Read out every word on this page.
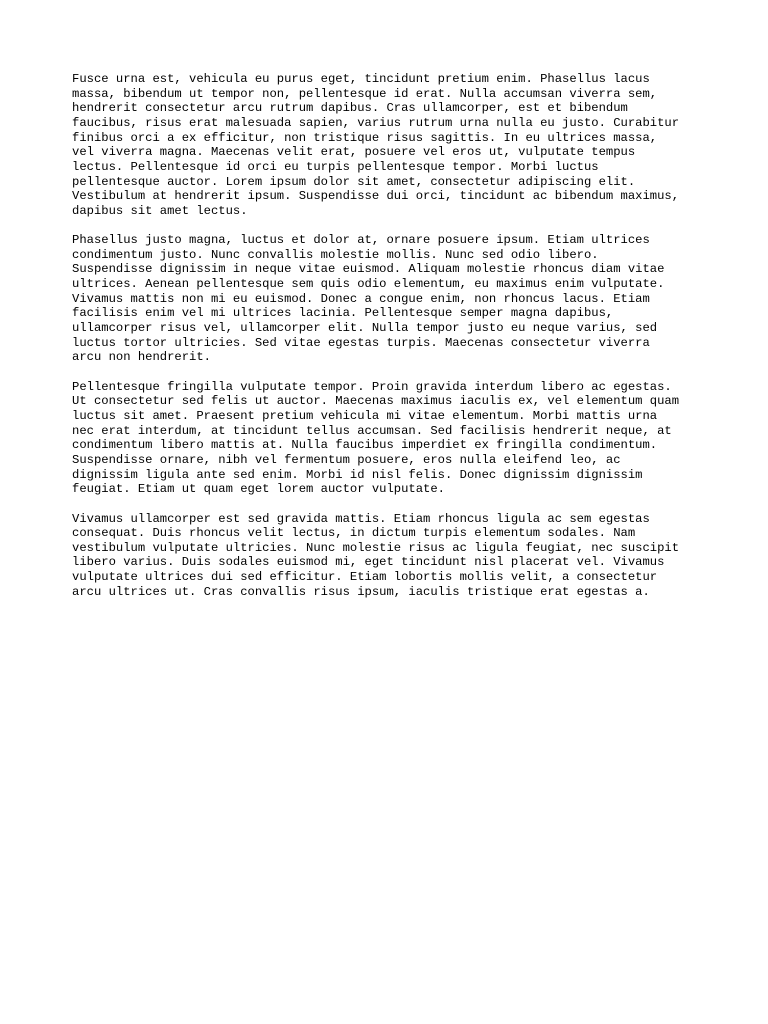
Fusce urna est, vehicula eu purus eget, tincidunt pretium enim. Phasellus lacus
massa, bibendum ut tempor non, pellentesque id erat. Nulla accumsan viverra sem,
hendrerit consectetur arcu rutrum dapibus. Cras ullamcorper, est et bibendum
faucibus, risus erat malesuada sapien, varius rutrum urna nulla eu justo. Curabitur
finibus orci a ex efficitur, non tristique risus sagittis. In eu ultrices massa,
vel viverra magna. Maecenas velit erat, posuere vel eros ut, vulputate tempus
lectus. Pellentesque id orci eu turpis pellentesque tempor. Morbi luctus
pellentesque auctor. Lorem ipsum dolor sit amet, consectetur adipiscing elit.
Vestibulum at hendrerit ipsum. Suspendisse dui orci, tincidunt ac bibendum maximus,
dapibus sit amet lectus.

Phasellus justo magna, luctus et dolor at, ornare posuere ipsum. Etiam ultrices
condimentum justo. Nunc convallis molestie mollis. Nunc sed odio libero.
Suspendisse dignissim in neque vitae euismod. Aliquam molestie rhoncus diam vitae
ultrices. Aenean pellentesque sem quis odio elementum, eu maximus enim vulputate.
Vivamus mattis non mi eu euismod. Donec a congue enim, non rhoncus lacus. Etiam
facilisis enim vel mi ultrices lacinia. Pellentesque semper magna dapibus,
ullamcorper risus vel, ullamcorper elit. Nulla tempor justo eu neque varius, sed
luctus tortor ultricies. Sed vitae egestas turpis. Maecenas consectetur viverra
arcu non hendrerit.

Pellentesque fringilla vulputate tempor. Proin gravida interdum libero ac egestas.
Ut consectetur sed felis ut auctor. Maecenas maximus iaculis ex, vel elementum quam
luctus sit amet. Praesent pretium vehicula mi vitae elementum. Morbi mattis urna
nec erat interdum, at tincidunt tellus accumsan. Sed facilisis hendrerit neque, at
condimentum libero mattis at. Nulla faucibus imperdiet ex fringilla condimentum.
Suspendisse ornare, nibh vel fermentum posuere, eros nulla eleifend leo, ac
dignissim ligula ante sed enim. Morbi id nisl felis. Donec dignissim dignissim
feugiat. Etiam ut quam eget lorem auctor vulputate.

Vivamus ullamcorper est sed gravida mattis. Etiam rhoncus ligula ac sem egestas
consequat. Duis rhoncus velit lectus, in dictum turpis elementum sodales. Nam
vestibulum vulputate ultricies. Nunc molestie risus ac ligula feugiat, nec suscipit
libero varius. Duis sodales euismod mi, eget tincidunt nisl placerat vel. Vivamus
vulputate ultrices dui sed efficitur. Etiam lobortis mollis velit, a consectetur
arcu ultrices ut. Cras convallis risus ipsum, iaculis tristique erat egestas a.
